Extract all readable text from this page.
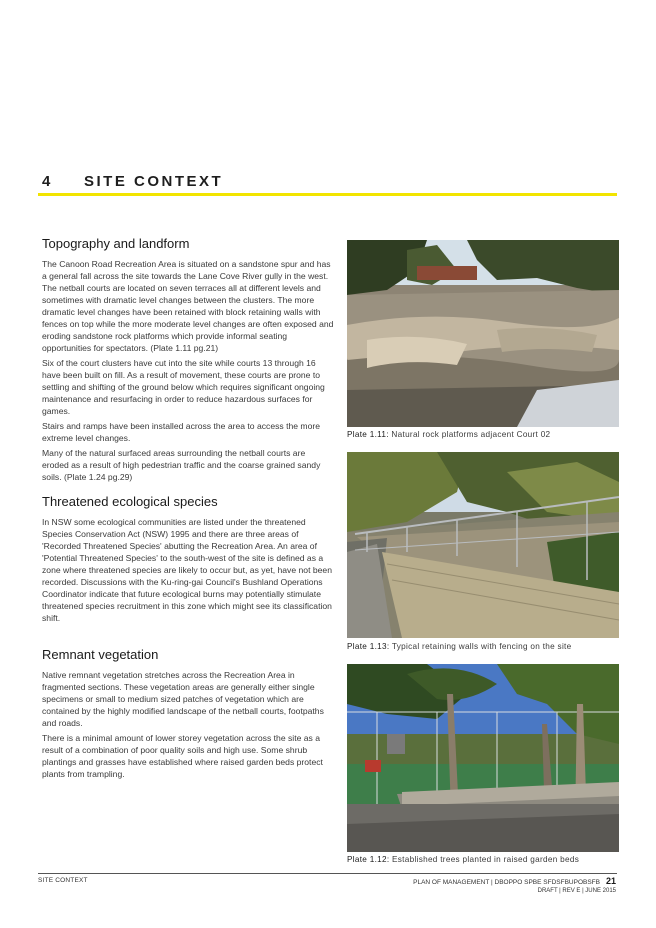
4 SITE CONTEXT
Topography and landform

The Canoon Road Recreation Area is situated on a sandstone spur and has a general fall across the site towards the Lane Cove River gully in the west. The netball courts are located on seven terraces all at different levels and sometimes with dramatic level changes between the clusters. The more dramatic level changes have been retained with block retaining walls with fences on top while the more moderate level changes are often exposed and eroding sandstone rock platforms which provide informal seating opportunities for spectators. (Plate 1.11 pg.21)

Six of the court clusters have cut into the site while courts 13 through 16 have been built on fill. As a result of movement, these courts are prone to settling and shifting of the ground below which requires significant ongoing maintenance and resurfacing in order to reduce hazardous surfaces for games.

Stairs and ramps have been installed across the area to access the more extreme level changes.

Many of the natural surfaced areas surrounding the netball courts are eroded as a result of high pedestrian traffic and the coarse grained sandy soils. (Plate 1.24 pg.29)

Threatened ecological species

In NSW some ecological communities are listed under the threatened Species Conservation Act (NSW) 1995 and there are three areas of 'Recorded Threatened Species' abutting the Recreation Area. An area of 'Potential Threatened Species' to the south-west of the site is defined as a zone where threatened species are likely to occur but, as yet, have not been recorded. Discussions with the Ku-ring-gai Council's Bushland Operations Coordinator indicate that future ecological burns may potentially stimulate threatened species recruitment in this zone which might see its classification shift.

Remnant vegetation

Native remnant vegetation stretches across the Recreation Area in fragmented sections. These vegetation areas are generally either single specimens or small to medium sized patches of vegetation which are contained by the highly modified landscape of the netball courts, footpaths and roads.

There is a minimal amount of lower storey vegetation across the site as a result of a combination of poor quality soils and high use. Some shrub plantings and grasses have established where raised garden beds protect plants from trampling.

Plate 1.11: Natural rock platforms adjacent Court 02
Plate 1.13: Typical retaining walls with fencing on the site
Plate 1.12: Established trees planted in raised garden beds
SITE CONTEXT	PLAN OF MANAGEMENT | DBOPPO SPBE SFDSFBUPOBSFB 21
DRAFT | REV E | JUNE 2015
